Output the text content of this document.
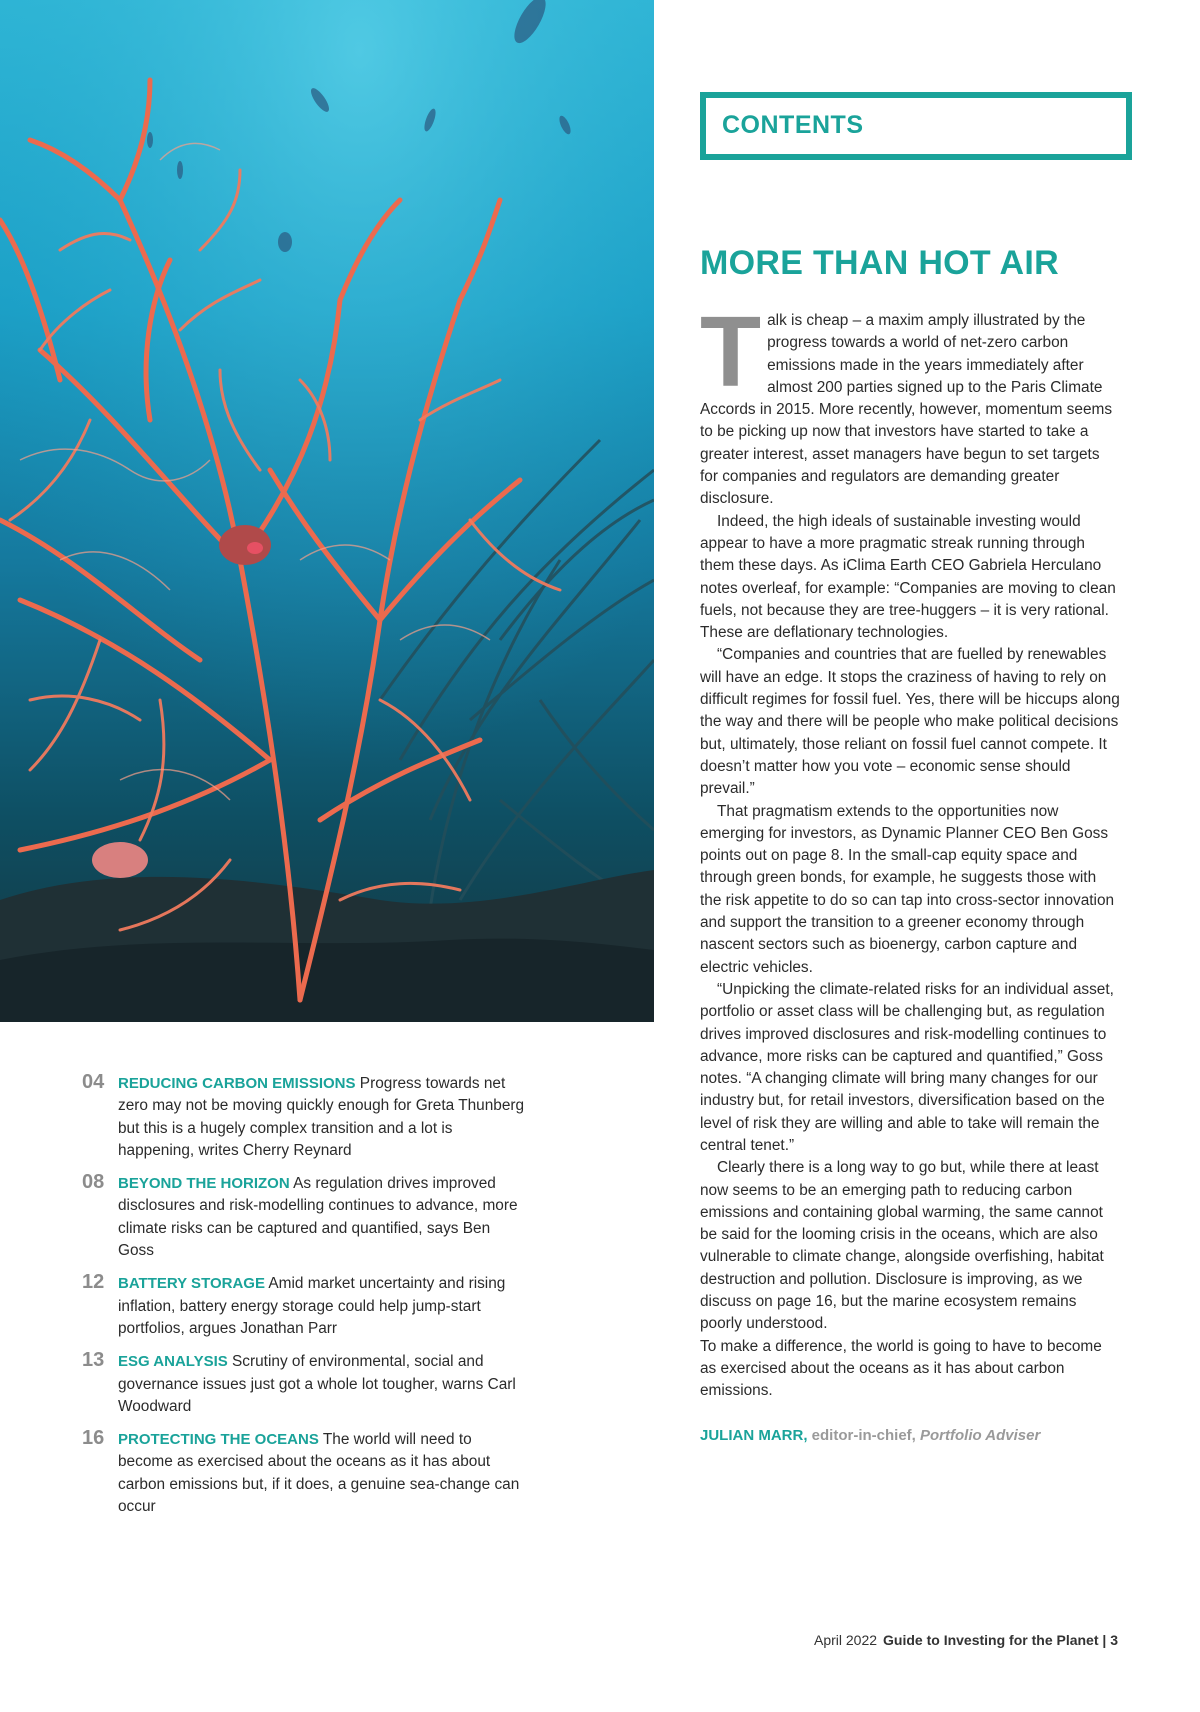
CONTENTS
MORE THAN HOT AIR

Talk is cheap – a maxim amply illustrated by the progress towards a world of net-zero carbon emissions made in the years immediately after almost 200 parties signed up to the Paris Climate Accords in 2015. More recently, however, momentum seems to be picking up now that investors have started to take a greater interest, asset managers have begun to set targets for companies and regulators are demanding greater disclosure.

Indeed, the high ideals of sustainable investing would appear to have a more pragmatic streak running through them these days. As iClima Earth CEO Gabriela Herculano notes overleaf, for example: “Companies are moving to clean fuels, not because they are tree-huggers – it is very rational. These are deflationary technologies.

“Companies and countries that are fuelled by renewables will have an edge. It stops the craziness of having to rely on difficult regimes for fossil fuel. Yes, there will be hiccups along the way and there will be people who make political decisions but, ultimately, those reliant on fossil fuel cannot compete. It doesn’t matter how you vote – economic sense should prevail.”

That pragmatism extends to the opportunities now emerging for investors, as Dynamic Planner CEO Ben Goss points out on page 8. In the small-cap equity space and through green bonds, for example, he suggests those with the risk appetite to do so can tap into cross-sector innovation and support the transition to a greener economy through nascent sectors such as bioenergy, carbon capture and electric vehicles.

“Unpicking the climate-related risks for an individual asset, portfolio or asset class will be challenging but, as regulation drives improved disclosures and risk-modelling continues to advance, more risks can be captured and quantified,” Goss notes. “A changing climate will bring many changes for our industry but, for retail investors, diversification based on the level of risk they are willing and able to take will remain the central tenet.”

Clearly there is a long way to go but, while there at least now seems to be an emerging path to reducing carbon emissions and containing global warming, the same cannot be said for the looming crisis in the oceans, which are also vulnerable to climate change, alongside overfishing, habitat destruction and pollution. Disclosure is improving, as we discuss on page 16, but the marine ecosystem remains poorly understood.

To make a difference, the world is going to have to become as exercised about the oceans as it has about carbon emissions.

JULIAN MARR, editor-in-chief, Portfolio Adviser
04 REDUCING CARBON EMISSIONS Progress towards net zero may not be moving quickly enough for Greta Thunberg but this is a hugely complex transition and a lot is happening, writes Cherry Reynard
08 BEYOND THE HORIZON As regulation drives improved disclosures and risk-modelling continues to advance, more climate risks can be captured and quantified, says Ben Goss
12 BATTERY STORAGE Amid market uncertainty and rising inflation, battery energy storage could help jump-start portfolios, argues Jonathan Parr
13 ESG ANALYSIS Scrutiny of environmental, social and governance issues just got a whole lot tougher, warns Carl Woodward
16 PROTECTING THE OCEANS The world will need to become as exercised about the oceans as it has about carbon emissions but, if it does, a genuine sea-change can occur
April 2022 Guide to Investing for the Planet | 3
